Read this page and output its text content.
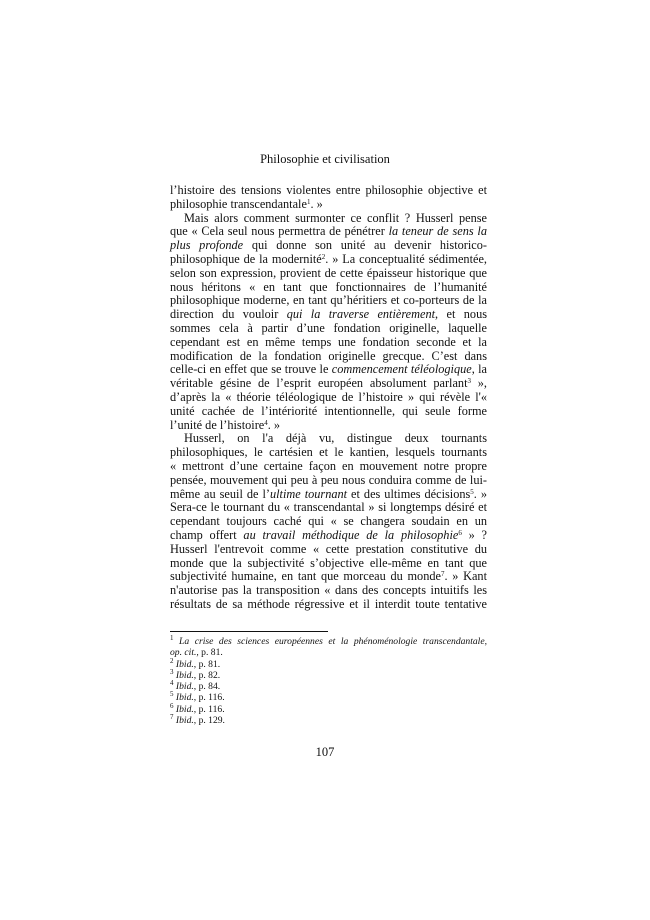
Philosophie et civilisation
l’histoire des tensions violentes entre philosophie objective et
philosophie transcendantale$^1$. »
Mais alors comment surmonter ce conflit ? Husserl pense
que « Cela seul nous permettra de pénétrer la teneur de sens la
plus profonde qui donne son unité au devenir historico-
philosophique de la modernité$^2$. » La conceptualité sédimentée,
selon son expression, provient de cette épaisseur historique que
nous héritons « en tant que fonctionnaires de l’humanité
philosophique moderne, en tant qu’héritiers et co-porteurs de la
direction du vouloir qui la traverse entièrement, et nous
sommes cela à partir d’une fondation originelle, laquelle
cependant est en même temps une fondation seconde et la
modification de la fondation originelle grecque. C’est dans
celle-ci en effet que se trouve le commencement téléologique, la
véritable gésine de l’esprit européen absolument parlant$^3$ »,
d’après la « théorie téléologique de l’histoire » qui révèle l'«
unité cachée de l’intériorité intentionnelle, qui seule forme
l’unité de l’histoire$^4$. »
Husserl, on l'a déjà vu, distingue deux tournants
philosophiques, le cartésien et le kantien, lesquels tournants
« mettront d’une certaine façon en mouvement notre propre
pensée, mouvement qui peu à peu nous conduira comme de lui-
même au seuil de l’ultime tournant et des ultimes décisions$^5$. »
Sera-ce le tournant du « transcendantal » si longtemps désiré et
cependant toujours caché qui « se changera soudain en un
champ offert au travail méthodique de la philosophie$^6$ » ?
Husserl l'entrevoit comme « cette prestation constitutive du
monde que la subjectivité s’objective elle-même en tant que
subjectivité humaine, en tant que morceau du monde$^7$. » Kant
n'autorise pas la transposition « dans des concepts intuitifs les
résultats de sa méthode régressive et il interdit toute tentative
$^1$ La crise des sciences européennes et la phénoménologie transcendantale,
op. cit., p. 81.
$^2$ Ibid., p. 81.
$^3$ Ibid., p. 82.
$^4$ Ibid., p. 84.
$^5$ Ibid., p. 116.
$^6$ Ibid., p. 116.
$^7$ Ibid., p. 129.
107
